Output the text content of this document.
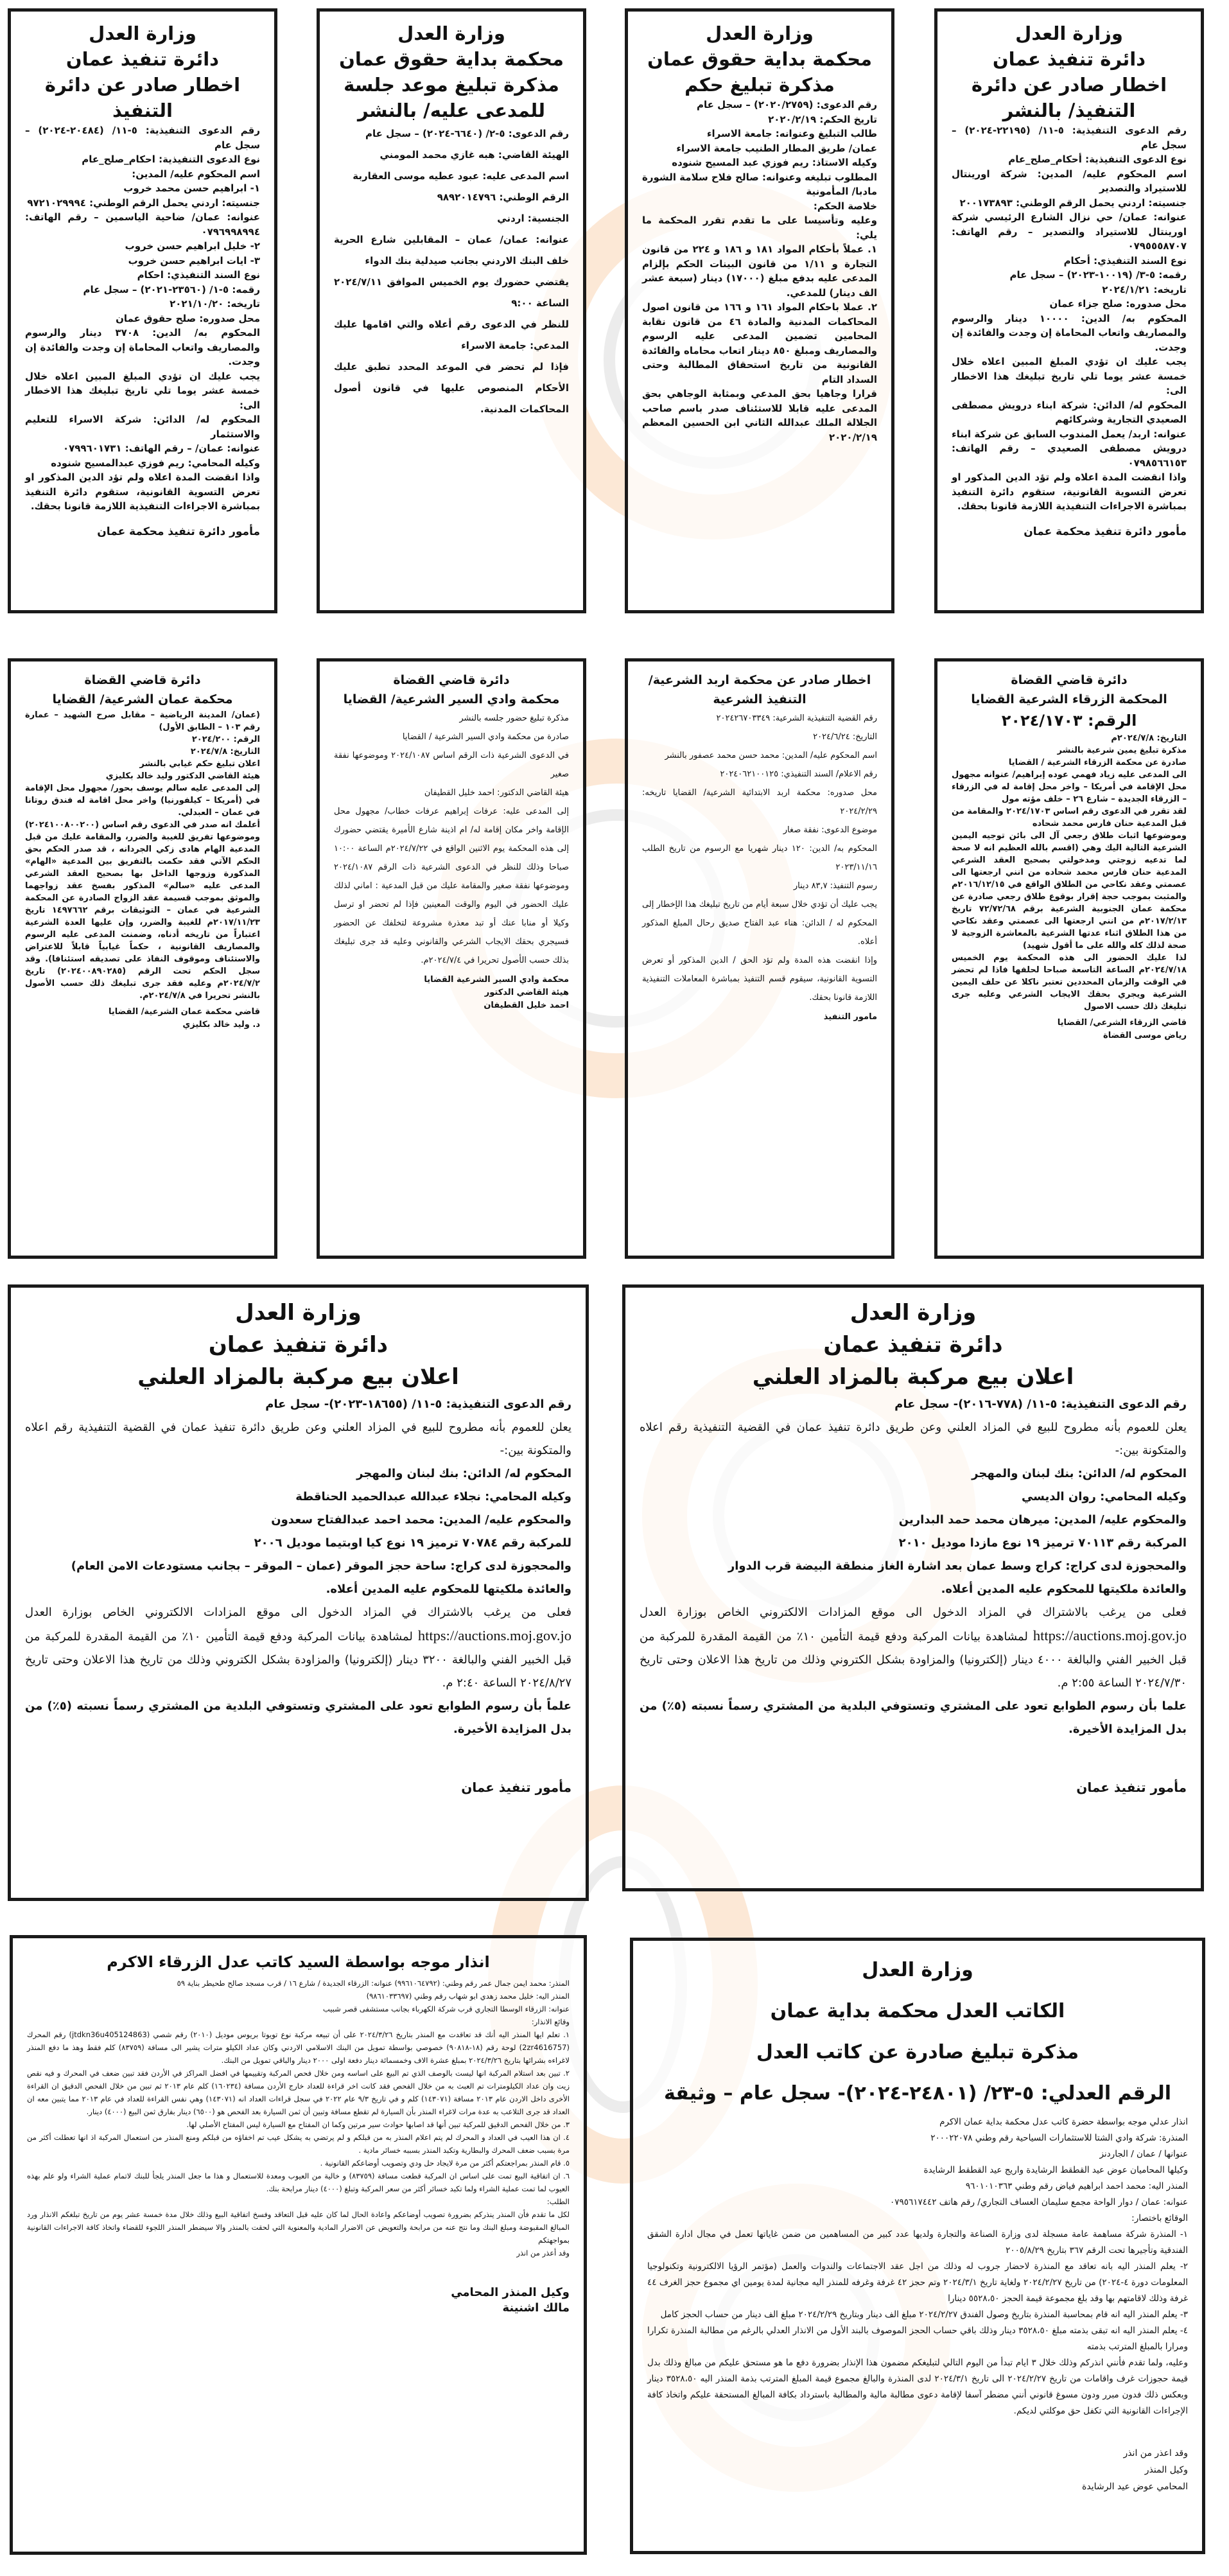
وزارة العدل
دائرة تنفيذ عمان
اخطار صادر عن دائرة التنفيذ/ بالنشر

رقم الدعوى التنفيذية: ٥-١١/ (٢٢١٩٥-٢٠٢٤) – سجل عام

نوع الدعوى التنفيذية: أحكام_صلح_عام

اسم المحكوم عليه/ المدين: شركة اورينتال للاستيراد والتصدير

جنسيته: اردني يحمل الرقم الوطني: ٢٠٠١٧٣٨٩٣

عنوانه: عمان/ حي نزال الشارع الرئيسي شركة اورينتال للاستيراد والتصدير – رقم الهاتف: ٠٧٩٥٥٥٨٧٠٧

نوع السند التنفيذي: أحكام

رقمه: ٥-٣/ (١٠٠١٩-٢٠٢٣) – سجل عام

تاريخه: ٢٠٢٤/١/٢١

محل صدوره: صلح جزاء عمان

المحكوم به/ الدين: ١٠٠٠٠ دينار والرسوم والمصاريف واتعاب المحاماة إن وجدت والفائدة إن وجدت.

يجب عليك ان تؤدي المبلغ المبين اعلاه خلال خمسة عشر يوما تلي تاريخ تبليغك هذا الاخطار الى:

المحكوم له/ الدائن: شركة ابناء درويش مصطفى الصعيدي التجارية وشركائهم

عنوانه: اربد/ يعمل المندوب السابق عن شركة ابناء درويش مصطفى الصعيدي – رقم الهاتف: ٠٧٩٨٥٦٦١٥٣

واذا انقضت المدة اعلاه ولم تؤد الدين المذكور او تعرض التسوية القانونية، ستقوم دائرة التنفيذ بمباشرة الاجراءات التنفيذية اللازمة قانونا بحقك.

مأمور دائرة تنفيذ محكمة عمان
وزارة العدل
محكمة بداية حقوق عمان
مذكرة تبليغ حكم

رقم الدعوى: (٢٠٢٠/٢٧٥٩) – سجل عام

تاريخ الحكم: ٢٠٢٠/٢/١٩

طالب التبليغ وعنوانه: جامعة الاسراء

عمان/ طريق المطار الطنيب جامعة الاسراء

وكيله الاستاذ: ريم فوزي عبد المسيح شنوده

المطلوب تبليغه وعنوانه: صالح فلاح سلامة الشورة

مادبا/ المأمونية

خلاصة الحكم:

وعليه وتأسيسا على ما تقدم تقرر المحكمة ما يلي:

١. عملاً بأحكام المواد ١٨١ و ١٨٦ و ٢٢٤ من قانون التجارة و ١/١١ من قانون البينات الحكم بإلزام المدعى عليه بدفع مبلغ (١٧٠٠٠) دينار (سبعة عشر الف دينار) للمدعي.

٢. عملا باحكام المواد ١٦١ و ١٦٦ من قانون اصول المحاكمات المدنية والمادة ٤٦ من قانون نقابة المحامين تضمين المدعى عليه الرسوم والمصاريف ومبلغ ٨٥٠ دينار اتعاب محاماه والفائدة القانونية من تاريخ استحقاق المطالبة وحتى السداد التام

قرارا وجاهيا بحق المدعي وبمثابة الوجاهي بحق المدعى عليه قابلا للاستئناف صدر باسم صاحب الجلالة الملك عبدالله الثاني ابن الحسين المعظم ٢٠٢٠/٢/١٩

وزارة العدل
محكمة بداية حقوق عمان
مذكرة تبليغ موعد جلسة للمدعى عليه/ بالنشر

رقم الدعوى: ٥-٢/ (٦٦٤٠-٢٠٢٤) – سجل عام

الهيئة القاضي: هبه غازي محمد المومني

اسم المدعى عليه: عبود عطيه موسى العقاربة

الرقم الوطني: ٩٨٩٢٠١٤٧٩٦

الجنسية: اردني

عنوانه: عمان/ عمان – المقابلين شارع الحرية خلف البنك الاردني بجانب صيدلية بنك الدواء

يقتضي حضورك يوم الخميس الموافق ٢٠٢٤/٧/١١ الساعة ٩:٠٠

للنظر في الدعوى رقم أعلاه والتي اقامها عليك المدعي: جامعة الاسراء

فإذا لم تحضر في الموعد المحدد تطبق عليك الأحكام المنصوص عليها في قانون أصول المحاكمات المدنية.

وزارة العدل
دائرة تنفيذ عمان
اخطار صادر عن دائرة التنفيذ

رقم الدعوى التنفيذية: ٥-١١/ (٢٠٤٨٤-٢٠٢٤) – سجل عام

نوع الدعوى التنفيذية: احكام_صلح_عام

اسم المحكوم عليه/ المدين:

١- ابراهيم حسن محمد خروب

جنسيته: اردني يحمل الرقم الوطني: ٩٧٢١٠٢٩٩٩٤

عنوانه: عمان/ ضاحية الياسمين – رقم الهاتف: ٠٧٩٦٩٩٨٩٩٤

٢- خليل ابراهيم حسن خروب

٣- ايات ابراهيم حسن خروب

نوع السند التنفيذي: احكام

رقمه: ٥-١/ (٢٣٥٦٠-٢٠٢١) – سجل عام

تاريخه: ٢٠٢١/١٠/٢٠

محل صدوره: صلح حقوق عمان

المحكوم به/ الدين: ٣٧٠٨ دينار والرسوم والمصاريف واتعاب المحاماة إن وجدت والفائدة إن وجدت.

يجب عليك ان تؤدي المبلغ المبين اعلاه خلال خمسة عشر يوما تلي تاريخ تبليغك هذا الاخطار الى:

المحكوم له/ الدائن: شركة الاسراء للتعليم والاستثمار

عنوانه: عمان/ – رقم الهاتف: ٠٧٩٩٦٠١٧٣١

وكيله المحامي: ريم فوزي عبدالمسيح شنوده

واذا انقضت المدة اعلاه ولم تؤد الدين المذكور او تعرض التسوية القانونية، ستقوم دائرة التنفيذ بمباشرة الاجراءات التنفيذية اللازمة قانونا بحقك.

مأمور دائرة تنفيذ محكمة عمان
دائرة قاضي القضاة
المحكمة الزرقاء الشرعية القضايا
الرقم: ٢٠٢٤/١٧٠٣

التاريخ: ٢٠٢٤/٧/٨م

مذكرة تبليغ يمين شرعية بالنشر

صادرة عن محكمة الزرقاء الشرعية / القضايا

الى المدعى عليه زياد فهمي عوده إبراهيم/ عنوانه مجهول محل الإقامة في أمريكا – واخر محل إقامة له في الزرقاء – الزرقاء الجديدة – شارع ٢٦ – خلف مؤته مول

لقد تقرر في الدعوى رقم اساس ٢٠٢٤/١٧٠٣ والمقامة من قبل المدعية حنان فارس محمد شحاده

وموضوعها اثبات طلاق رجعي آل الى بائن توجيه اليمين الشرعية التالية اليك وهي (اقسم بالله العظيم انه لا صحة لما تدعيه زوجتي ومدخولتي بصحيح العقد الشرعي المدعية حنان فارس محمد شحاده من انني ارجعتها الى عصمتي وعقد نكاحي من الطلاق الواقع في ٢٠١٦/١٢/١٥م والمثبت بموجب حجة إقرار بوقوع طلاق رجعي صادرة عن محكمة عمان الجنوبية الشرعية برقم ٧٢/٧٢/٦٨ تاريخ ٢٠١٧/٢/١٣م من انني ارجعتها الى عصمتي وعقد نكاحي من هذا الطلاق اثناء عدتها الشرعية بالمعاشرة الزوجية لا صحة لذلك كله والله على ما أقول شهيد)

لذا عليك الحضور الى هذه المحكمة يوم الخميس ٢٠٢٤/٧/١٨م الساعة التاسعة صباحا لحلفها فاذا لم تحضر في الوقت والزمان المحددين تعتبر ناكلا عن حلف اليمين الشرعية ويجري بحقك الايجاب الشرعي وعليه جرى تبليغك ذلك حسب الاصول

قاضي الزرقاء الشرعي/ القضايا
رياض موسى القضاة
اخطار صادر عن محكمة اربد الشرعية/ التنفيذ الشرعية

رقم القضية التنفيذية الشرعية: ٢٠٢٤٢٦٧٠٣٣٤٩

التاريخ: ٢٠٢٤/٦/٢٤

اسم المحكوم عليه/ المدين: محمد حسن محمد عصفور بالنشر

رقم الاعلام/ السند التنفيذي: ٢٠٢٤٠٦٢١٠٠١٢٥

محل صدوره: محكمة اربد الابتدائية الشرعية/ القضايا تاريخه: ٢٠٢٤/٢/٢٩

موضوع الدعوى: نفقة صغار

المحكوم به/ الدين: ١٢٠ دينار شهريا مع الرسوم من تاريخ الطلب ٢٠٢٣/١١/١٦

رسوم التنفيذ: ٨٣,٧ دينار

يجب عليك أن تؤدي خلال سبعة أيام من تاريخ تبليغك هذا الإخطار إلى المحكوم له / الدائن: هناء عبد الفتاح صديق رحال المبلغ المذكور أعلاه.

وإذا انقضت هذه المدة ولم تؤد الحق / الدين المذكور أو تعرض التسوية القانونية، سيقوم قسم التنفيذ بمباشرة المعاملات التنفيذية اللازمة قانونا بحقك.

مامور التنفيذ
دائرة قاضي القضاة
محكمة وادي السير الشرعية/ القضايا

مذكرة تبليغ حضور جلسه بالنشر

صادرة من محكمة وادي السير الشرعية / القضايا

في الدعوى الشرعية ذات الرقم اساس ٢٠٢٤/١٠٨٧ وموضوعها نفقة صغير

هيئة القاضي الدكتور: احمد خليل القطيفان

إلى المدعى عليه: عرفات إبراهيم عرفات خطاب/ مجهول محل الإقامة واخر مكان إقامة له/ ام اذينة شارع الأميرة يقتضي حضورك إلى هذه المحكمة يوم الاثنين الواقع في ٢٠٢٤/٧/٢٢م الساعة ١٠:٠٠ صباحا وذلك للنظر في الدعوى الشرعية ذات الرقم ٢٠٢٤/١٠٨٧ وموضوعها نفقة صغير والمقامة عليك من قبل المدعية : اماني لذلك عليك الحضور في اليوم والوقت المعينين فإذا لم تحضر او ترسل وكيلا أو منابا عنك أو تبد معذرة مشروعة لتخلفك عن الحضور فسيجري بحقك الايجاب الشرعي والقانوني وعليه قد جرى تبليغك بذلك حسب الأصول تحريرا في ٢٠٢٤/٧/٤م.

محكمة وادي السير الشرعية القضايا
هيئة القاضي الدكتور
احمد خليل القطيفان
دائرة قاضي القضاة
محكمة عمان الشرعية/ القضايا

(عمان/ المدينة الرياضية – مقابل صرح الشهيد – عمارة رقم ١٠٣ – الطابق الأول)

الرقم: ٢٠٢٤/٢٠٠

التاريخ: ٢٠٢٤/٧/٨

اعلان تبليغ حكم غيابي بالنشر

هيئة القاضي الدكتور وليد خالد بكليزي

إلى المدعى عليه سالم يوسف بحور/ مجهول محل الإقامة في (أمريكا – كيلفورنيا) واخر محل اقامة له فندق روتانا في عمان – العبدلي.

أعلمك انه صدر في الدعوى رقم اساس (٢٠٢٤١٠٠٨٠٠٢٠٠) وموضوعها تفريق للغيبة والضرر، والمقامة عليك من قبل المدعية الهام هادى زكي الجردانه ، قد صدر الحكم بحق الحكم الآتي فقد حكمت بالتفريق بين المدعية «الهام» المذكورة وزوجها الداخل بها بصحيح العقد الشرعي المدعى عليه «سالم» المذكور بفسخ عقد زواجهما والموثق بموجب قسيمة عقد الزواج الصادرة عن المحكمة الشرعية في عمان – التوثيقات برقم ١٤٩٧٦٦٢ تاريخ ٢٠١٧/١١/٢٣م للغيبة والضرر، وإن عليها العدة الشرعية اعتباراً من تاريخه أدناه، وضمنت المدعى عليه الرسوم والمصاريف القانونية ، حكماً غيابياً قابلاً للاعتراض والاستئناف وموقوف النفاذ على تصديقه استئنافا). وقد سجل الحكم تحت الرقم (٢٠٢٤٠٠٨٩٠٢٨٥) تاريخ ٢٠٢٤/٧/٢م وعليه فقد جرى تبليغك ذلك حسب الأصول بالنشر تحريرا في ٢٠٢٤/٧/٨م.

قاضي محكمة عمان الشرعية/ القضايا
د. وليد خالد بكليزي
وزارة العدل
دائرة تنفيذ عمان
اعلان بيع مركبة بالمزاد العلني

رقم الدعوى التنفيذية: ٥-١١/ (٧٧٨-٢٠١٦)- سجل عام

يعلن للعموم بأنه مطروح للبيع في المزاد العلني وعن طريق دائرة تنفيذ عمان في القضية التنفيذية رقم اعلاه والمتكونة بين:-

المحكوم له/ الدائن: بنك لبنان والمهجر

وكيله المحامي: روان الديسي

والمحكوم عليه/ المدين: ميرهان محمد حمد البدارين

المركبة رقم ٧٠١١٣ ترميز ١٩ نوع مازدا موديل ٢٠١٠

والمحجوزة لدى كراج: كراج وسط عمان بعد اشارة الغاز منطقة البيضة قرب الدوار

والعائدة ملكيتها للمحكوم عليه المدين أعلاه.

فعلى من يرغب بالاشتراك في المزاد الدخول الى موقع المزادات الالكتروني الخاص بوزارة العدل https://auctions.moj.gov.jo لمشاهدة بيانات المركبة ودفع قيمة التأمين ١٠٪ من القيمة المقدرة للمركبة من قبل الخبير الفني والبالغة ٤٠٠٠ دينار (إلكترونيا) والمزاودة بشكل الكتروني وذلك من تاريخ هذا الاعلان وحتى تاريخ ٢٠٢٤/٧/٣٠ الساعة ٢:٥٥ م.

علما بأن رسوم الطوابع تعود على المشتري وتستوفي البلدية من المشتري رسماً نسبته (٥٪) من بدل المزايدة الأخيرة.

مأمور تنفيذ عمان
وزارة العدل
دائرة تنفيذ عمان
اعلان بيع مركبة بالمزاد العلني

رقم الدعوى التنفيذية: ٥-١١/ (١٨٦٥٥-٢٠٢٣)- سجل عام

يعلن للعموم بأنه مطروح للبيع في المزاد العلني وعن طريق دائرة تنفيذ عمان في القضية التنفيذية رقم اعلاه والمتكونة بين:-

المحكوم له/ الدائن: بنك لبنان والمهجر

وكيله المحامي: نجلاء عبدالله عبدالحميد الحناقطة

والمحكوم عليه/ المدين: محمد احمد عبدالفتاح سعدون

للمركبة رقم ٧٠٧٨٤ ترميز ١٩ نوع كيا اوبتيما موديل ٢٠٠٦

والمحجوزة لدى كراج: ساحة حجز الموقر (عمان – الموقر – بجانب مستودعات الامن العام)

والعائدة ملكيتها للمحكوم عليه المدين أعلاه.

فعلى من يرغب بالاشتراك في المزاد الدخول الى موقع المزادات الالكتروني الخاص بوزارة العدل https://auctions.moj.gov.jo لمشاهدة بيانات المركبة ودفع قيمة التأمين ١٠٪ من القيمة المقدرة للمركبة من قبل الخبير الفني والبالغة ٣٢٠٠ دينار (إلكترونيا) والمزاودة بشكل الكتروني وذلك من تاريخ هذا الاعلان وحتى تاريخ ٢٠٢٤/٨/٢٧ الساعة ٢:٤٠ م.

علماً بأن رسوم الطوابع تعود على المشتري وتستوفي البلدية من المشتري رسماً نسبته (٥٪) من بدل المزايدة الأخيرة.

مأمور تنفيذ عمان
وزارة العدل
الكاتب العدل محكمة بداية عمان
مذكرة تبليغ صادرة عن كاتب العدل
الرقم العدلي: ٥-٢٣/ (٢٤٨٠١-٢٠٢٤)- سجل عام – وثيقة

انذار عدلي موجه بواسطة حضرة كاتب عدل محكمة بداية عمان الاكرم

المنذرة: شركة وادي الشتا للاستثمارات السياحية رقم وطني ٢٠٠٠٢٢٠٧٨

عنوانها / عمان / الجاردنز

وكيلها المحاميان عوض عيد القطقط الرشايدة واريج عيد القطقط الرشايدة

المنذر اليه: محمد احمد ابراهيم فياض رقم وطني ٩٦٠١٠١٠٣٦٣

عنوانه: عمان / دوار الواحة مجمع سليمان العساف التجاري/ رقم هاتف ٠٧٩٥٦١٧٤٤٢

الوقائع باختصار:

١- المنذرة شركة مساهمة عامة مسجلة لدى وزارة الصناعة والتجارة ولديها عدد كبير من المساهمين من ضمن غاياتها تعمل في مجال ادارة الشقق الفندقية وتأجيرها تحت الرقم ٣٦٧ بتاريخ ٢٠٠٥/٨/٢٩

٢- يعلم المنذر اليه بانه تعاقد مع المنذرة لاحضار جروب له وذلك من اجل عقد الاجتماعات والندوات والعمل (مؤتمر الرؤيا الالكترونية وتكنولوجيا المعلومات دورة ٤-٢٠٢٤) من تاريخ ٢٠٢٤/٢/٢٧ ولغاية تاريخ ٢٠٢٤/٣/١ وتم حجز ٤٢ غرفة وغرفه للمنذر اليه مجانية لمدة يومين اي مجموع حجز الغرف ٤٤ غرفة وذلك لاقامتهم بها وقد بلغ مجموعة قيمة الحجز ٥٥٢٨،٥٠ دينارا

٣- يعلم المنذر اليه انه قام بمحاسبة المنذرة بتاريخ وصول الفندق ٢٠٢٤/٢/٢٧ مبلغ الف دينار وبتاريخ ٢٠٢٤/٢/٢٩ مبلغ الف دينار من حساب الحجز كامل

٤- يعلم المنذر اليه انه تبقى بذمته مبلغ ٣٥٢٨،٥٠ دينار وذلك باقي حساب الحجز الموصوف بالبند الأول من الانذار العدلي بالرغم من مطالبة المنذرة تكرارا ومرارا بالمبلغ المترتب بذمته

وعليه، ولما تقدم فأنني انذركم وذلك خلال ٣ ايام تبدأ من اليوم التالي لتبليغكم مضمون هذا الإنذار بضرورة دفع ما هو مستحق عليكم من مبالغ وذلك بدل قيمة حجوزات غرف واقامات من تاريخ ٢٠٢٤/٢/٢٧ الى تاريخ ٢٠٢٤/٣/١ لدى المنذرة والبالغ مجموع قيمة المبلغ المترتب بذمة المنذر اليه ٣٥٢٨،٥٠ دينار وبعكس ذلك فدون مبرر ودون مسوغ قانوني أنني مضطر آسفا لإقامة دعوى مطالبة مالية والمطالبة باسترداد بكافة المبالغ المستحقة عليكم واتخاذ كافة الإجراءات القانونية التي تكفل حق موكلتي لديكم.

وقد اعذر من انذر
وكيل المنذر
المحامي عوض عيد الرشايدة
انذار موجه بواسطة السيد كاتب عدل الزرقاء الاكرم

المنذر: محمد ايمن جمال عمر رقم وطني: (٩٩٦١٠٦٤٧٩٢) عنوانه: الزرقاء الجديدة / شارع ١٦ / قرب مسجد صالح طحيطر بناية ٥٩

المنذر اليه: خليل محمد زهدي ابو شهاب رقم وطني (٩٨٦١٠٣٣٦٩٧)

عنوانه: الزرقاء الوسطا التجاري قرب شركة الكهرباء بجانب مستشفى قصر شبيب

وقائع الانذار:

١. تعلم ايها المنذر اليه أنك قد تعاقدت مع المنذر بتاريخ ٢٠٢٤/٣/٢٦ على أن تبيعه مركبة نوع تويوتا بريوس موديل (٢٠١٠) رقم شصي (jtdkn36u405124863) رقم المحرك (2zr4616757) لوحة رقم (١٨-٩٠٨١٨) خصوصي بواسطة تمويل من البنك الاسلامي الاردني وكان عداد الكيلو مترات يشير الى مسافة (٨٣٧٥٩) كلم فقط وهذ ما دفع المنذر لاغراءه بشرائها بتاريخ ٢٠٢٤/٣/٢٦ بمبلغ عشرة الاف وخمسمائة دينار دفعة اولى ٢٠٠٠ دينار والباقي تمويل من البنك.

٢. تبين بعد استلام المركبة انها ليست بالوصف الذي تم البيع على اساسه ومن خلال فحص المركبة وتقييمها في افضل المراكز في الأردن فقد تبين ضعف في المحرك و فيه نقص زيت وان عداد الكيلومترات تم العبث به من خلال الفحص فقد كانت اخر قراءة للعداد خارج الأردن مسافة (١٦٠٢٣٤) كلم عام ٢٠١٣ ثم تبين من خلال الفحص الدقيق ان القراءة الأخرى داخل الاردن عام ٢٠١٣ مسافة (١٤٣٠٧١) كلم و في تاريخ ٩/٣ عام ٢٠٢٢ في سجل قراءات العداد انه (١٤٣٠٧١) وهي نفس القراءة للعداد في عام ٢٠١٣ مما يتبين معه ان العداد قد جرى التلاعب به عدة مرات لاغراء المنذر بأن السيارة لم تقطع مسافة وتبين أن ثمن السيارة بعد الفحص هو (٦٥٠٠) دينار بفارق ثمن البيع (٤٠٠٠) دينار.

٣. من خلال الفحص الدقيق للمركبة تبين أنها قد اصابها حوادث سير مرتين وكما ان المفتاح مع السيارة ليس المفتاح الأصلي لها.

٤. ان هذا العيب في العداد و المحرك لم يتم اعلام المنذر به من قبلكم و لم يرتضي به يشكل عيب تم اخفاؤه من قبلكم ومنع المنذر من استعمال المركبة اذ انها تعطلت أكثر من مرة بسبب ضعف المحرك والبطارية وتكبد المنذر بسببه خسائر مادية .

٥. قام المنذر بمراجعتكم أكثر من مرة لايجاد حل ودي وتصويب أوضاعكم القانونية .

٦. ان اتفاقية البيع تمت على اساس ان المركبة قطعت مسافة (٨٣٧٥٩) و خالية من العيوب ومعدة للاستعمال و هذا ما جعل المنذر يلجأ للبنك لاتمام عملية الشراء ولو علم بهذه العيوب لما تمت عملية الشراء ولما تكبد خسائر أكثر من سعر المركبة وتبلغ (٤٠٠٠) دينار مرابحة بنك.

الطلب:

لكل ما تقدم فأن المنذر ينذركم بضرورة تصويب أوضاعكم واعادة الحال لما كان عليه قبل التعاقد وفسخ اتفاقية البيع وذلك خلال مدة خمسة عشر يوم من تاريخ تبلغكم الانذار ورد المبالغ المقبوضة ومبلغ البنك وما نتج عنه من مرابحة والتعويض عن الاضرار المادية والمعنوية التي لحقت بالمنذر والا سيضطر المنذر اللجوء للقضاء واتخاذ كافة الاجراءات القانونية بمواجهتكم

وقد أعذر من انذر

وكيل المنذر المحامي
مالك اشنينة
